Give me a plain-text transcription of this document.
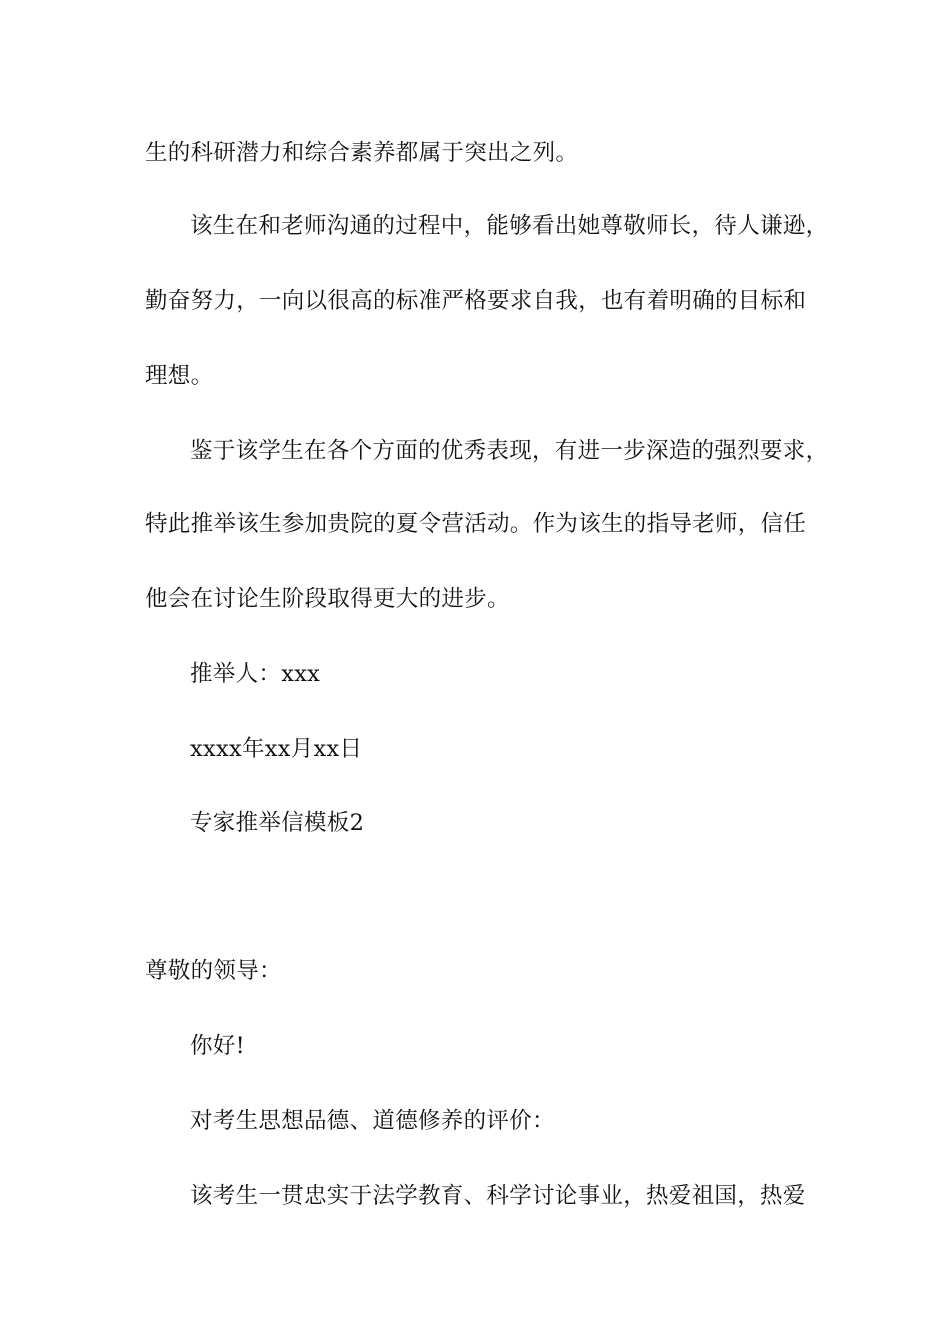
生的科研潜力和综合素养都属于突出之列。
该生在和老师沟通的过程中，能够看出她尊敬师长，待人谦逊，
勤奋努力，一向以很高的标准严格要求自我，也有着明确的目标和
理想。
鉴于该学生在各个方面的优秀表现，有进一步深造的强烈要求，
特此推举该生参加贵院的夏令营活动。作为该生的指导老师，信任
他会在讨论生阶段取得更大的进步。
推举人：xxx
xxxx年xx月xx日
专家推举信模板2
尊敬的领导：
你好!
对考生思想品德、道德修养的评价：
该考生一贯忠实于法学教育、科学讨论事业，热爱祖国，热爱
